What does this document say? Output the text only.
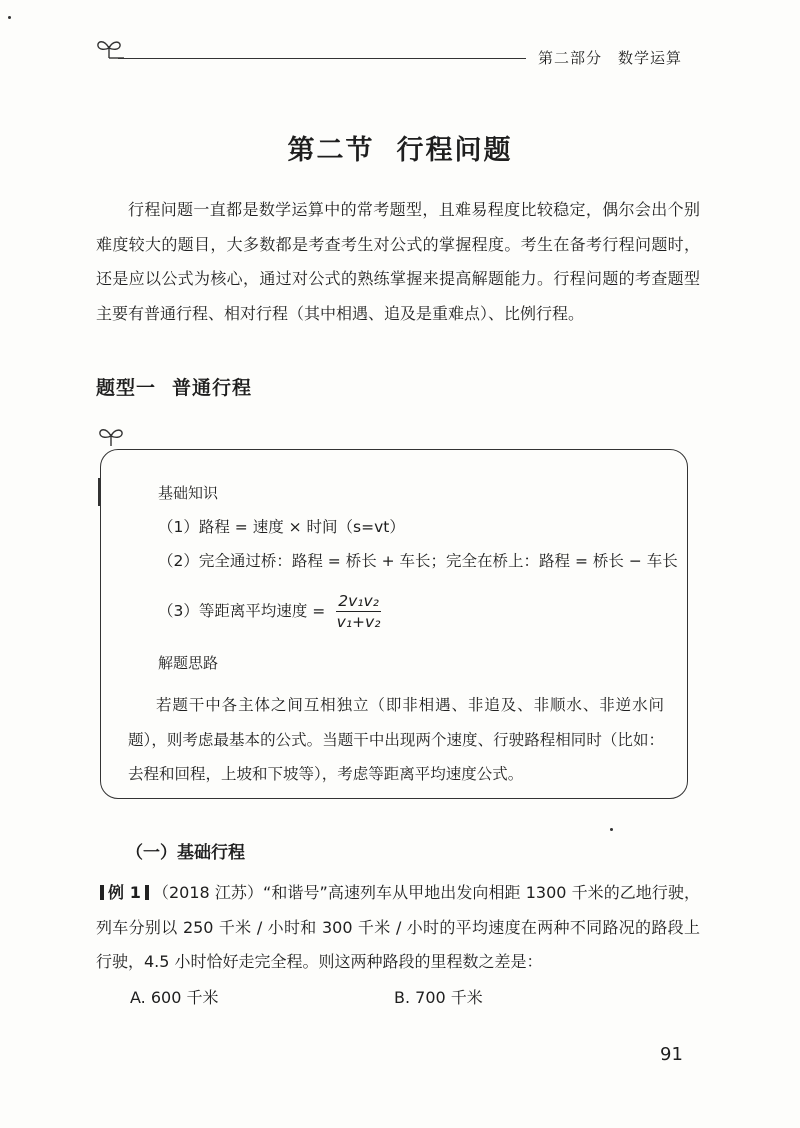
第二部分　数学运算
第二节 行程问题
行程问题一直都是数学运算中的常考题型，且难易程度比较稳定，偶尔会出个别难度较大的题目，大多数都是考查考生对公式的掌握程度。考生在备考行程问题时，还是应以公式为核心，通过对公式的熟练掌握来提高解题能力。行程问题的考查题型主要有普通行程、相对行程（其中相遇、追及是重难点）、比例行程。
题型一 普通行程
基础知识
（1）路程 = 速度 × 时间（s=vt）
（2）完全通过桥：路程 = 桥长 + 车长；完全在桥上：路程 = 桥长 − 车长
（3）等距离平均速度 = $\frac{\text{2v₁v₂}}{\text{v₁+v₂}}$
解题思路
若题干中各主体之间互相独立（即非相遇、非追及、非顺水、非逆水问题），则考虑最基本的公式。当题干中出现两个速度、行驶路程相同时（比如：去程和回程，上坡和下坡等），考虑等距离平均速度公式。
（一）基础行程
例 1 （2018 江苏）“和谐号”高速列车从甲地出发向相距 1300 千米的乙地行驶，列车分别以 250 千米 / 小时和 300 千米 / 小时的平均速度在两种不同路况的路段上行驶，4.5 小时恰好走完全程。则这两种路段的里程数之差是：
A. 600 千米	B. 700 千米
91
